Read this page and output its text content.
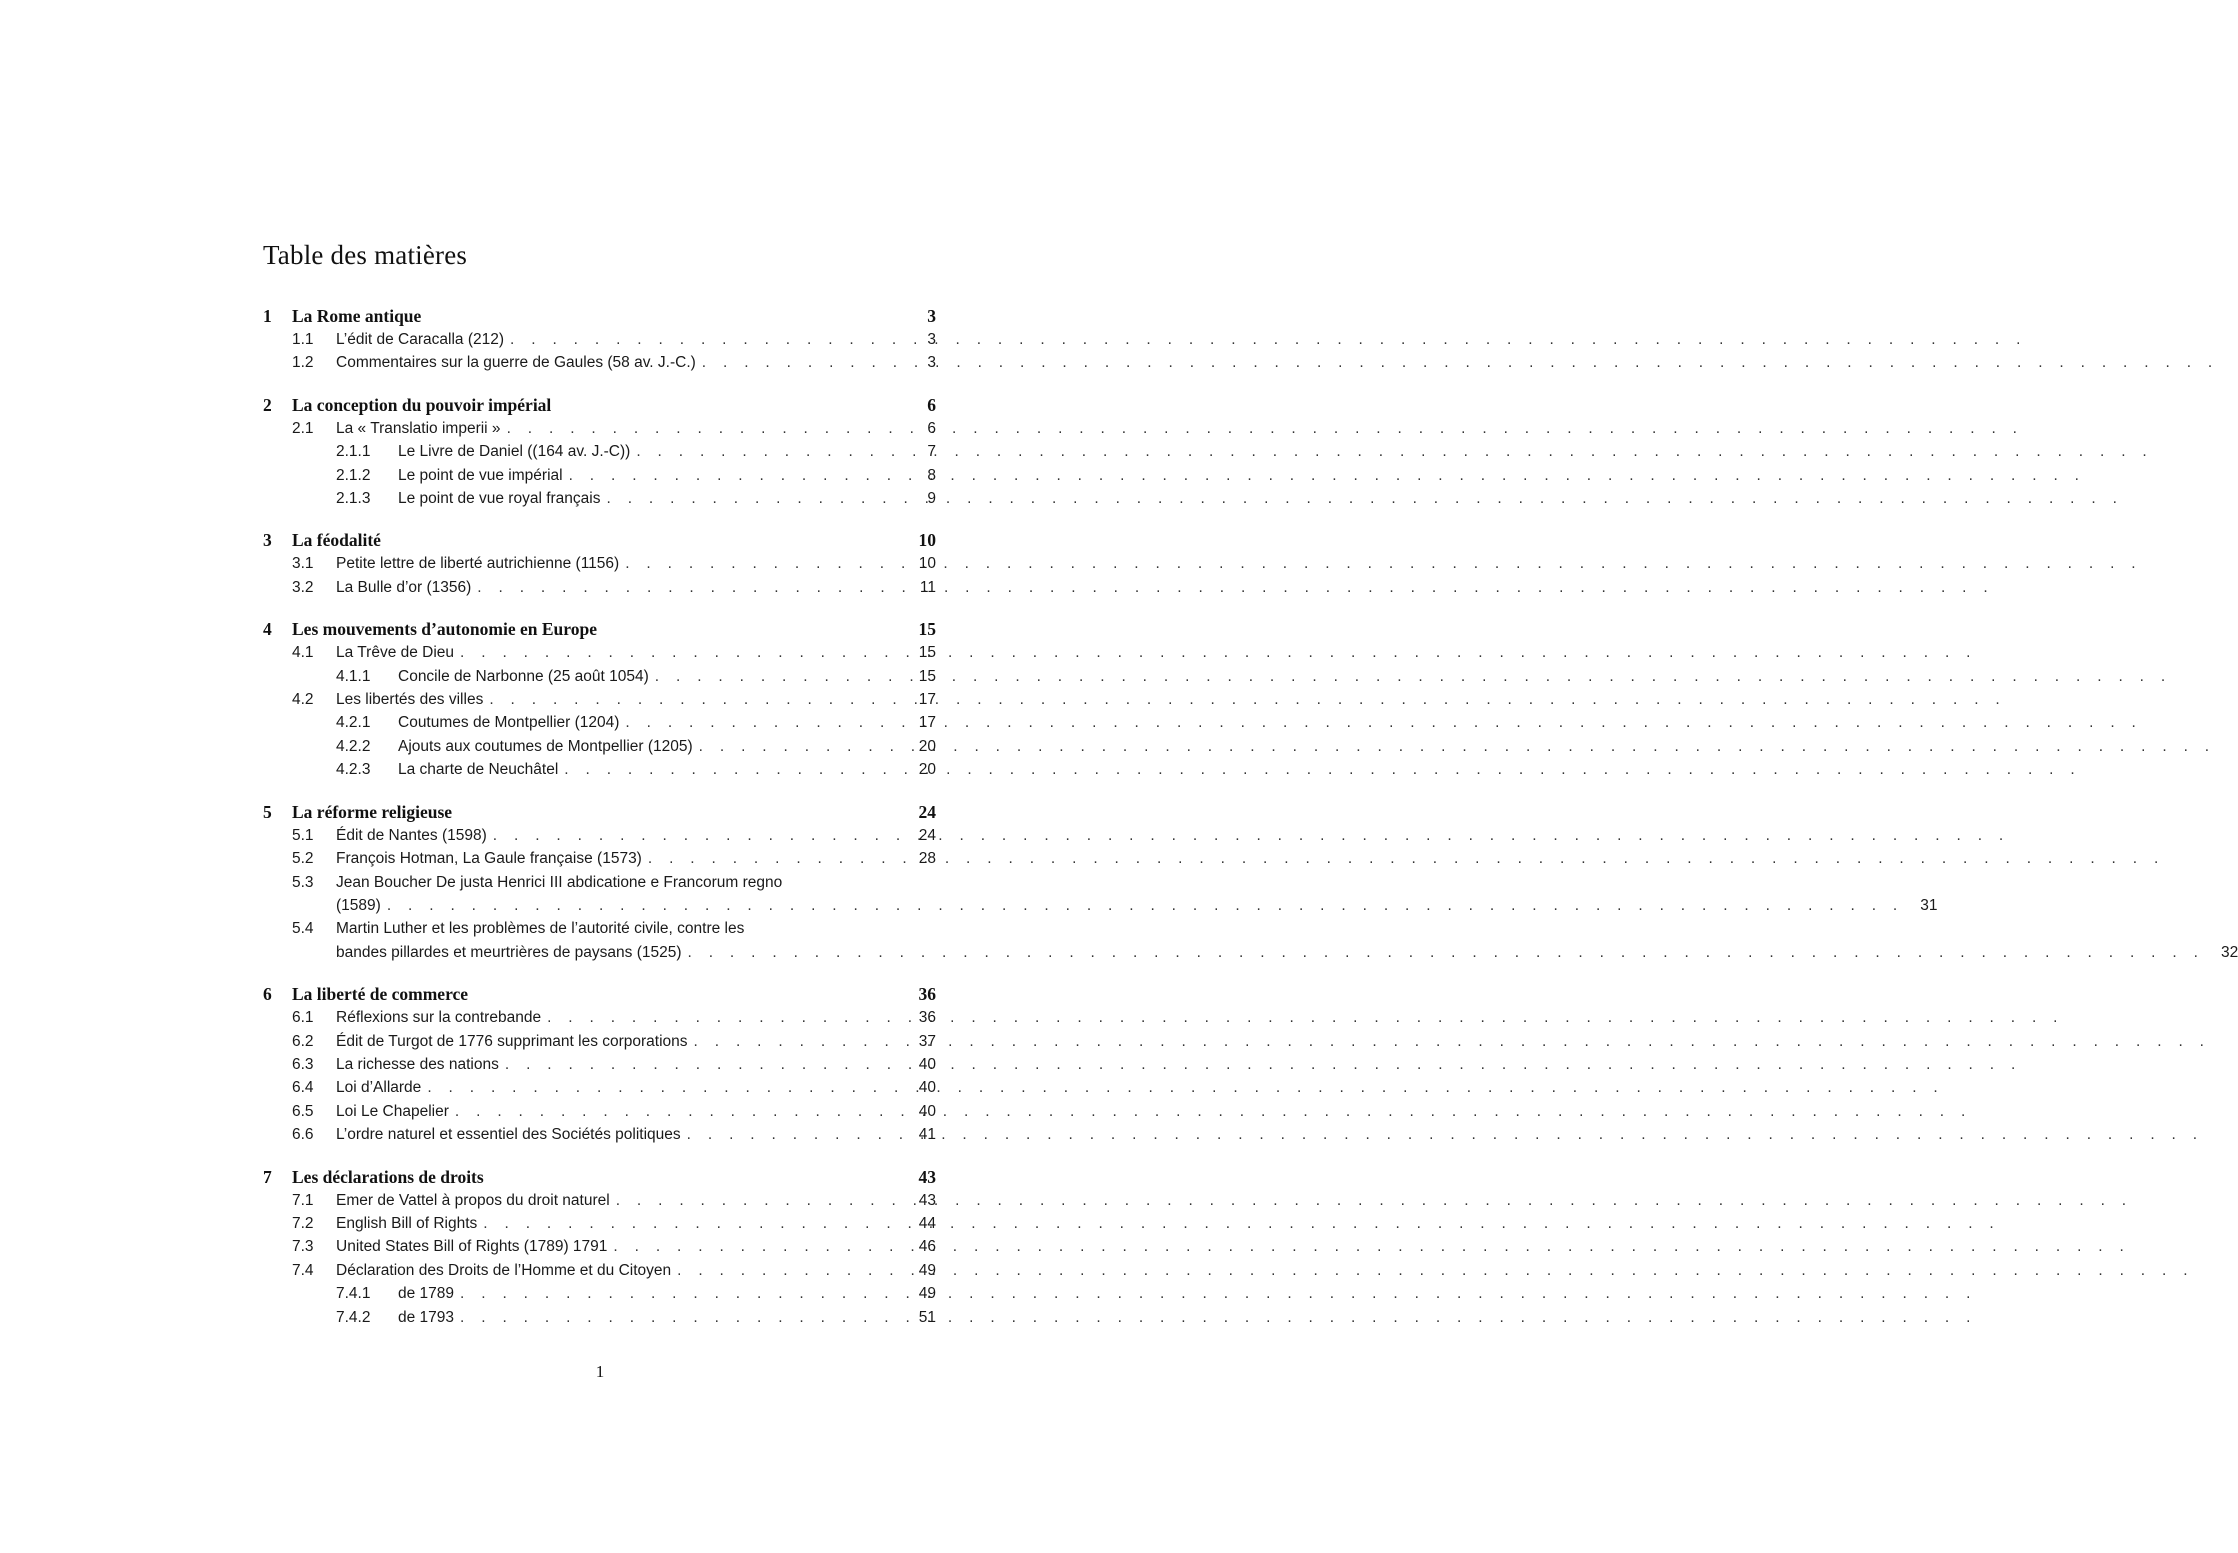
Table des matières
1	La Rome antique	3
1.1	L’édit de Caracalla (212) . . .	3
1.2	Commentaires sur la guerre de Gaules (58 av. J.-C.) . . .	3
2	La conception du pouvoir impérial	6
2.1	La « Translatio imperii » . . .	6
2.1.1	Le Livre de Daniel ((164 av. J.-C)) . . .	7
2.1.2	Le point de vue impérial . . .	8
2.1.3	Le point de vue royal français . . .	9
3	La féodalité	10
3.1	Petite lettre de liberté autrichienne (1156) . . .	10
3.2	La Bulle d’or (1356) . . .	11
4	Les mouvements d’autonomie en Europe	15
4.1	La Trêve de Dieu . . .	15
4.1.1	Concile de Narbonne (25 août 1054) . . .	15
4.2	Les libertés des villes . . .	17
4.2.1	Coutumes de Montpellier (1204) . . .	17
4.2.2	Ajouts aux coutumes de Montpellier (1205) . . .	20
4.2.3	La charte de Neuchâtel . . .	20
5	La réforme religieuse	24
5.1	Édit de Nantes (1598) . . .	24
5.2	François Hotman, La Gaule française (1573) . . .	28
5.3	Jean Boucher De justa Henrici III abdicatione e Francorum regno
(1589) . . .	31
5.4	Martin Luther et les problèmes de l’autorité civile, contre les
bandes pillardes et meurtrières de paysans (1525) . . .	32
6	La liberté de commerce	36
6.1	Réflexions sur la contrebande . . .	36
6.2	Édit de Turgot de 1776 supprimant les corporations . . .	37
6.3	La richesse des nations . . .	40
6.4	Loi d’Allarde . . .	40
6.5	Loi Le Chapelier . . .	40
6.6	L’ordre naturel et essentiel des Sociétés politiques . . .	41
7	Les déclarations de droits	43
7.1	Emer de Vattel à propos du droit naturel . . .	43
7.2	English Bill of Rights . . .	44
7.3	United States Bill of Rights (1789) 1791 . . .	46
7.4	Déclaration des Droits de l’Homme et du Citoyen . . .	49
7.4.1	de 1789 . . .	49
7.4.2	de 1793 . . .	51
1
